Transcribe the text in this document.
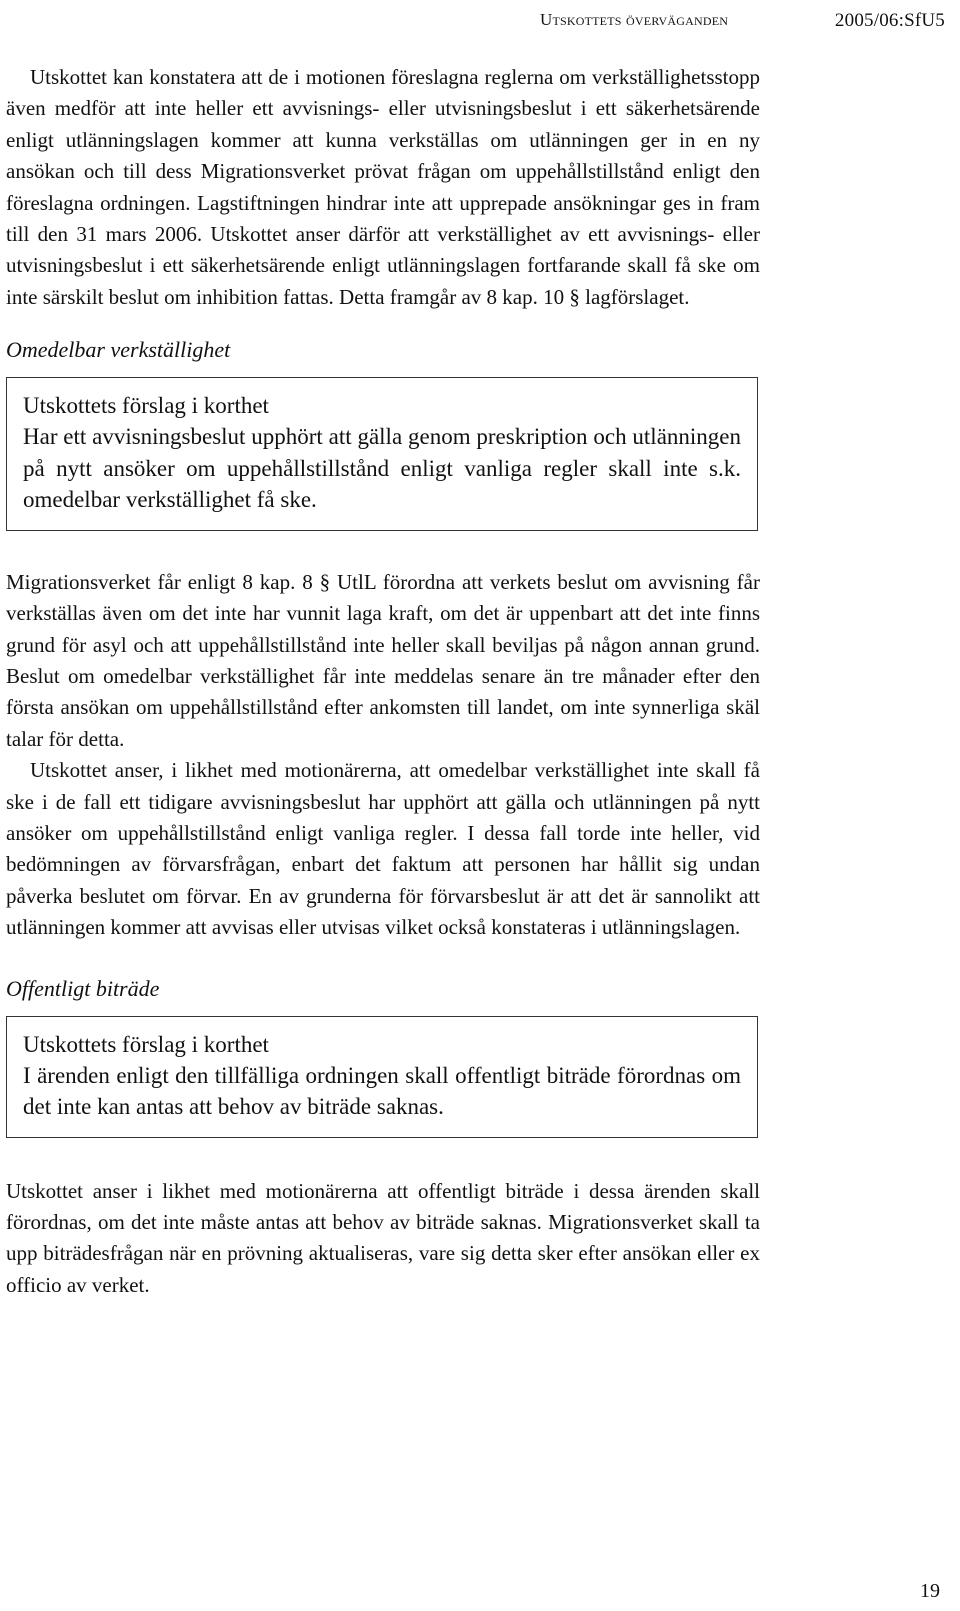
Utskottets överväganden	2005/06:SfU5

Utskottet kan konstatera att de i motionen föreslagna reglerna om verkställighetsstopp även medför att inte heller ett avvisnings- eller utvisningsbeslut i ett säkerhetsärende enligt utlänningslagen kommer att kunna verkställas om utlänningen ger in en ny ansökan och till dess Migrationsverket prövat frågan om uppehållstillstånd enligt den föreslagna ordningen. Lagstiftningen hindrar inte att upprepade ansökningar ges in fram till den 31 mars 2006. Utskottet anser därför att verkställighet av ett avvisnings- eller utvisningsbeslut i ett säkerhetsärende enligt utlänningslagen fortfarande skall få ske om inte särskilt beslut om inhibition fattas. Detta framgår av 8 kap. 10 § lagförslaget.

Omedelbar verkställighet
Utskottets förslag i korthet
Har ett avvisningsbeslut upphört att gälla genom preskription och utlänningen på nytt ansöker om uppehållstillstånd enligt vanliga regler skall inte s.k. omedelbar verkställighet få ske.

Migrationsverket får enligt 8 kap. 8 § UtlL förordna att verkets beslut om avvisning får verkställas även om det inte har vunnit laga kraft, om det är uppenbart att det inte finns grund för asyl och att uppehållstillstånd inte heller skall beviljas på någon annan grund. Beslut om omedelbar verkställighet får inte meddelas senare än tre månader efter den första ansökan om uppehållstillstånd efter ankomsten till landet, om inte synnerliga skäl talar för detta.

Utskottet anser, i likhet med motionärerna, att omedelbar verkställighet inte skall få ske i de fall ett tidigare avvisningsbeslut har upphört att gälla och utlänningen på nytt ansöker om uppehållstillstånd enligt vanliga regler. I dessa fall torde inte heller, vid bedömningen av förvarsfrågan, enbart det faktum att personen har hållit sig undan påverka beslutet om förvar. En av grunderna för förvarsbeslut är att det är sannolikt att utlänningen kommer att avvisas eller utvisas vilket också konstateras i utlänningslagen.

Offentligt biträde
Utskottets förslag i korthet
I ärenden enligt den tillfälliga ordningen skall offentligt biträde förordnas om det inte kan antas att behov av biträde saknas.

Utskottet anser i likhet med motionärerna att offentligt biträde i dessa ärenden skall förordnas, om det inte måste antas att behov av biträde saknas. Migrationsverket skall ta upp biträdesfrågan när en prövning aktualiseras, vare sig detta sker efter ansökan eller ex officio av verket.

19
